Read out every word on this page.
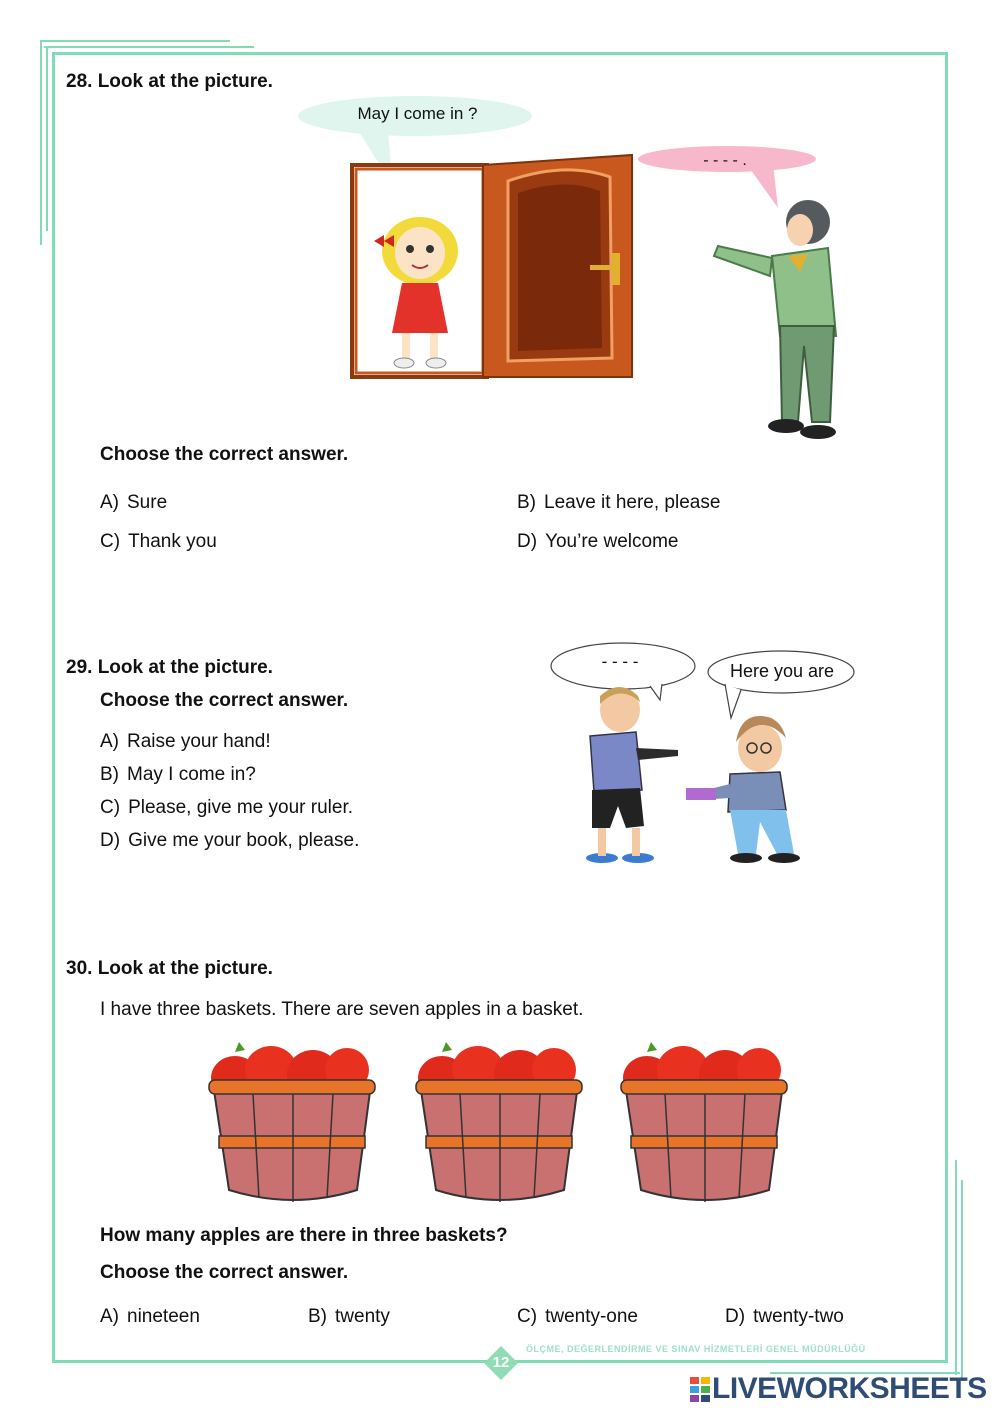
28. Look at the picture.
May I come in ?
- - - - .
Choose the correct answer.
A) Sure	B) Leave it here, please
C) Thank you	D) You’re welcome
29. Look at the picture.
Choose the correct answer.
A) Raise your hand!
B) May I come in?
C) Please, give me your ruler.
D) Give me your book, please.
- - - -	Here you are
30. Look at the picture.
I have three baskets. There are seven apples in a basket.
How many apples are there in three baskets?
Choose the correct answer.
A) nineteen	B) twenty	C) twenty-one	D) twenty-two
ÖLÇME, DEĞERLENDİRME VE SINAV HİZMETLERİ GENEL MÜDÜRLÜĞÜ
12
LIVEWORKSHEETS
